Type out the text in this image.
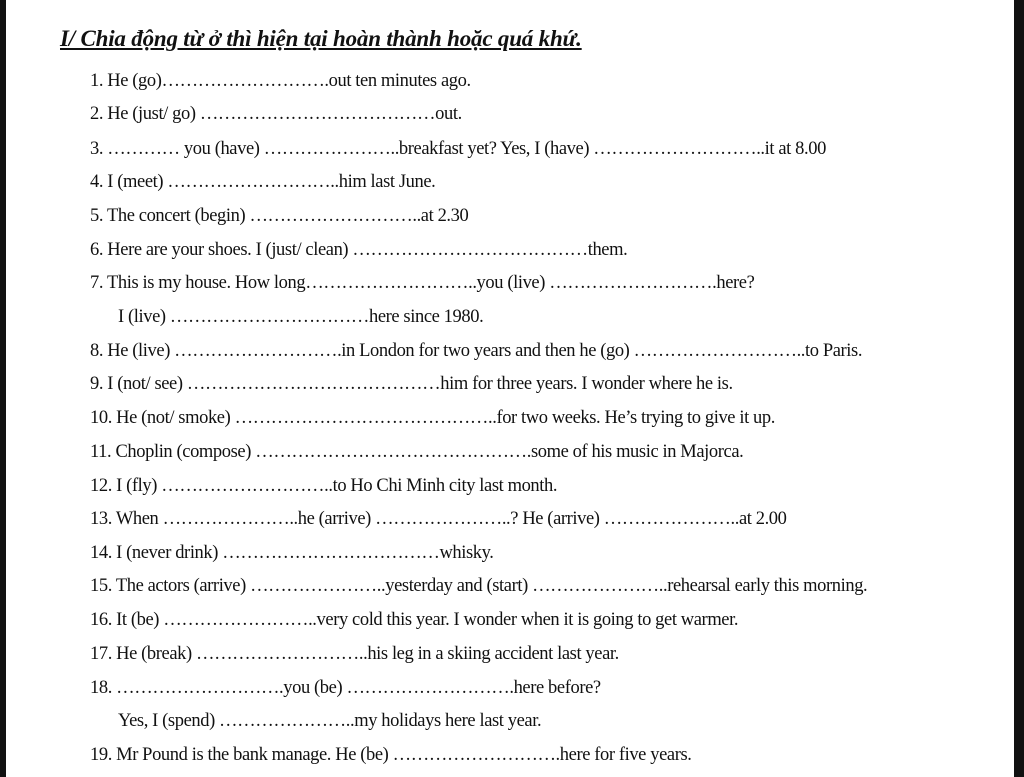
I/ Chia động từ ở thì hiện tại hoàn thành hoặc quá khứ.
1. He (go)……………………….out ten minutes ago.
2. He (just/ go) …………………………………out.
3. ………… you (have) …………………..breakfast yet? Yes, I (have) ………………………..it at 8.00
4. I (meet) ………………………..him last June.
5. The concert (begin) ………………………..at 2.30
6. Here are your shoes. I (just/ clean) …………………………………them.
7. This is my house. How long………………………..you (live) ……………………….here?
I (live) ……………………………here since 1980.
8. He (live) ……………………….in London for two years and then he (go) ………………………..to Paris.
9. I (not/ see) ……………………………………him for three years. I wonder where he is.
10. He (not/ smoke) ……………………………………..for two weeks. He’s trying to give it up.
11. Choplin (compose) ……………………………………….some of his music in Majorca.
12. I (fly) ………………………..to Ho Chi Minh city last month.
13. When …………………..he (arrive) …………………..? He (arrive) …………………..at 2.00
14. I (never drink) ………………………………whisky.
15. The actors (arrive) …………………..yesterday and (start) …………………..rehearsal early this morning.
16. It (be) ……………………..very cold this year. I wonder when it is going to get warmer.
17. He (break) ………………………..his leg in a skiing accident last year.
18. ……………………….you (be) ……………………….here before?
Yes, I (spend) …………………..my holidays here last year.
19. Mr Pound is the bank manage. He (be) ……………………….here for five years.
